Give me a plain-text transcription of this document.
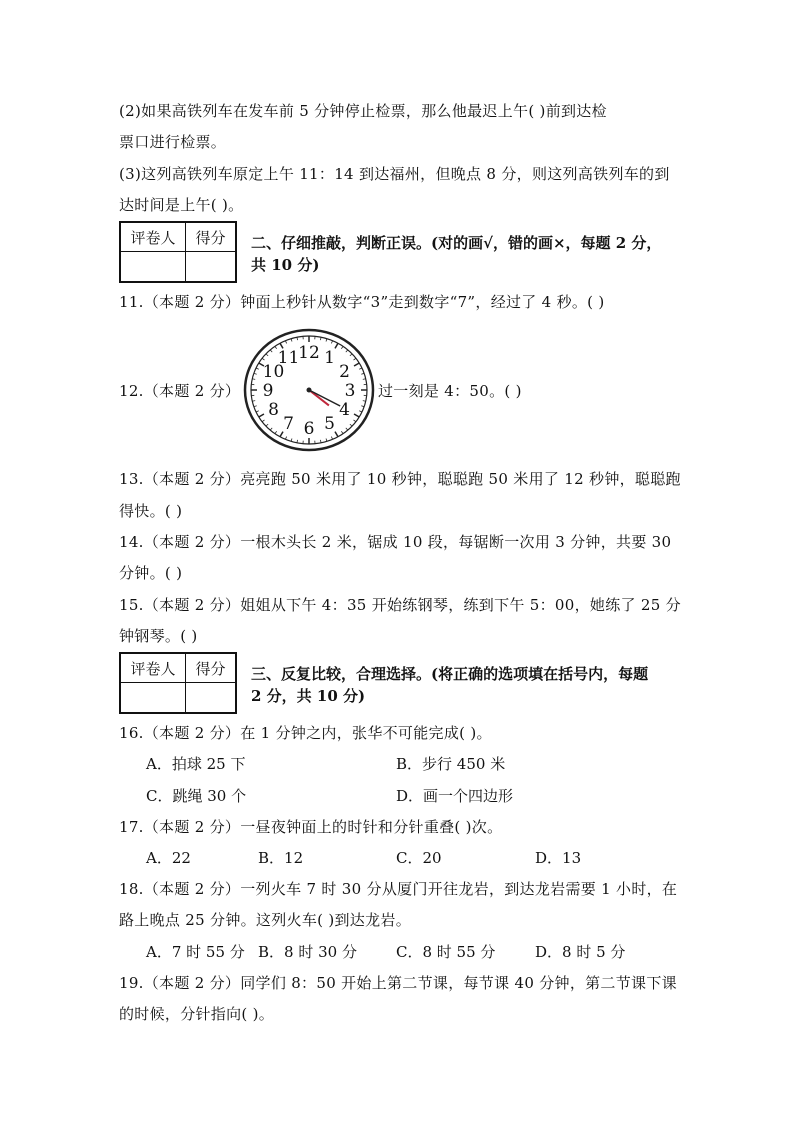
(2)如果高铁列车在发车前 5 分钟停止检票，那么他最迟上午( )前到达检
票口进行检票。
(3)这列高铁列车原定上午 11：14 到达福州，但晚点 8 分，则这列高铁列车的到
达时间是上午( )。
评卷人	得分	二、仔细推敲，判断正误。(对的画√，错的画×，每题 2 分，
共 10 分)
11.（本题 2 分）钟面上秒针从数字“3”走到数字“7”，经过了 4 秒。( )
12.（本题 2 分）
12 1
2
3
4
5
6
7
8
9
10
11
过一刻是 4：50。( )
13.（本题 2 分）亮亮跑 50 米用了 10 秒钟，聪聪跑 50 米用了 12 秒钟，聪聪跑
得快。( )
14.（本题 2 分）一根木头长 2 米，锯成 10 段，每锯断一次用 3 分钟，共要 30
分钟。( )
15.（本题 2 分）姐姐从下午 4：35 开始练钢琴，练到下午 5：00，她练了 25 分
钟钢琴。( )
评卷人	得分	三、反复比较，合理选择。(将正确的选项填在括号内，每题
2 分，共 10 分)
16.（本题 2 分）在 1 分钟之内，张华不可能完成( )。
A．拍球 25 下	B．步行 450 米
C．跳绳 30 个	D．画一个四边形
17.（本题 2 分）一昼夜钟面上的时针和分针重叠( )次。
A．22	B．12	C．20	D．13
18.（本题 2 分）一列火车 7 时 30 分从厦门开往龙岩，到达龙岩需要 1 小时，在
路上晚点 25 分钟。这列火车( )到达龙岩。
A．7 时 55 分 B．8 时 30 分	C．8 时 55 分	D．8 时 5 分
19.（本题 2 分）同学们 8：50 开始上第二节课，每节课 40 分钟，第二节课下课
的时候，分针指向( )。
